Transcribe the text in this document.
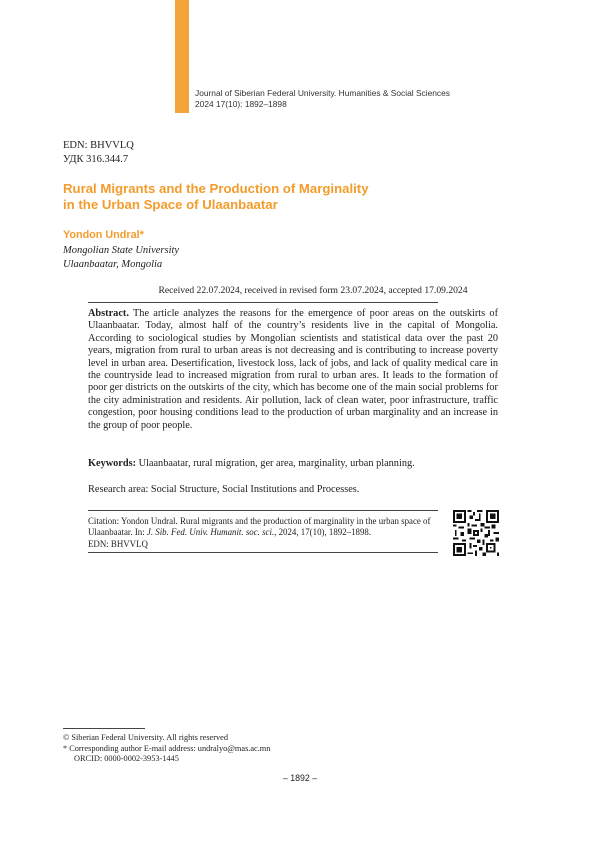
Journal of Siberian Federal University. Humanities & Social Sciences
2024 17(10): 1892–1898
EDN: BHVVLQ
УДК 316.344.7
Rural Migrants and the Production of Marginality
in the Urban Space of Ulaanbaatar
Yondon Undral*
Mongolian State University
Ulaanbaatar, Mongolia
Received 22.07.2024, received in revised form 23.07.2024, accepted 17.09.2024
Abstract. The article analyzes the reasons for the emergence of poor areas on the outskirts of Ulaanbaatar. Today, almost half of the country’s residents live in the capital of Mongolia. According to sociological studies by Mongolian scientists and statistical data over the past 20 years, migration from rural to urban areas is not decreasing and is contributing to increase poverty level in urban area. Desertification, livestock loss, lack of jobs, and lack of quality medical care in the countryside lead to increased migration from rural to urban ares. It leads to the formation of poor ger districts on the outskirts of the city, which has become one of the main social problems for the city administration and residents. Air pollution, lack of clean water, poor infrastructure, traffic congestion, poor housing conditions lead to the production of urban marginality and an increase in the group of poor people.
Keywords: Ulaanbaatar, rural migration, ger area, marginality, urban planning.
Research area: Social Structure, Social Institutions and Processes.
Citation: Yondon Undral. Rural migrants and the production of marginality in the urban space of Ulaanbaatar. In: J. Sib. Fed. Univ. Humanit. soc. sci., 2024, 17(10), 1892–1898.
EDN: BHVVLQ
© Siberian Federal University. All rights reserved
* Corresponding author E-mail address: undralyo@mas.ac.mn
ORCID: 0000-0002-3953-1445
– 1892 –
